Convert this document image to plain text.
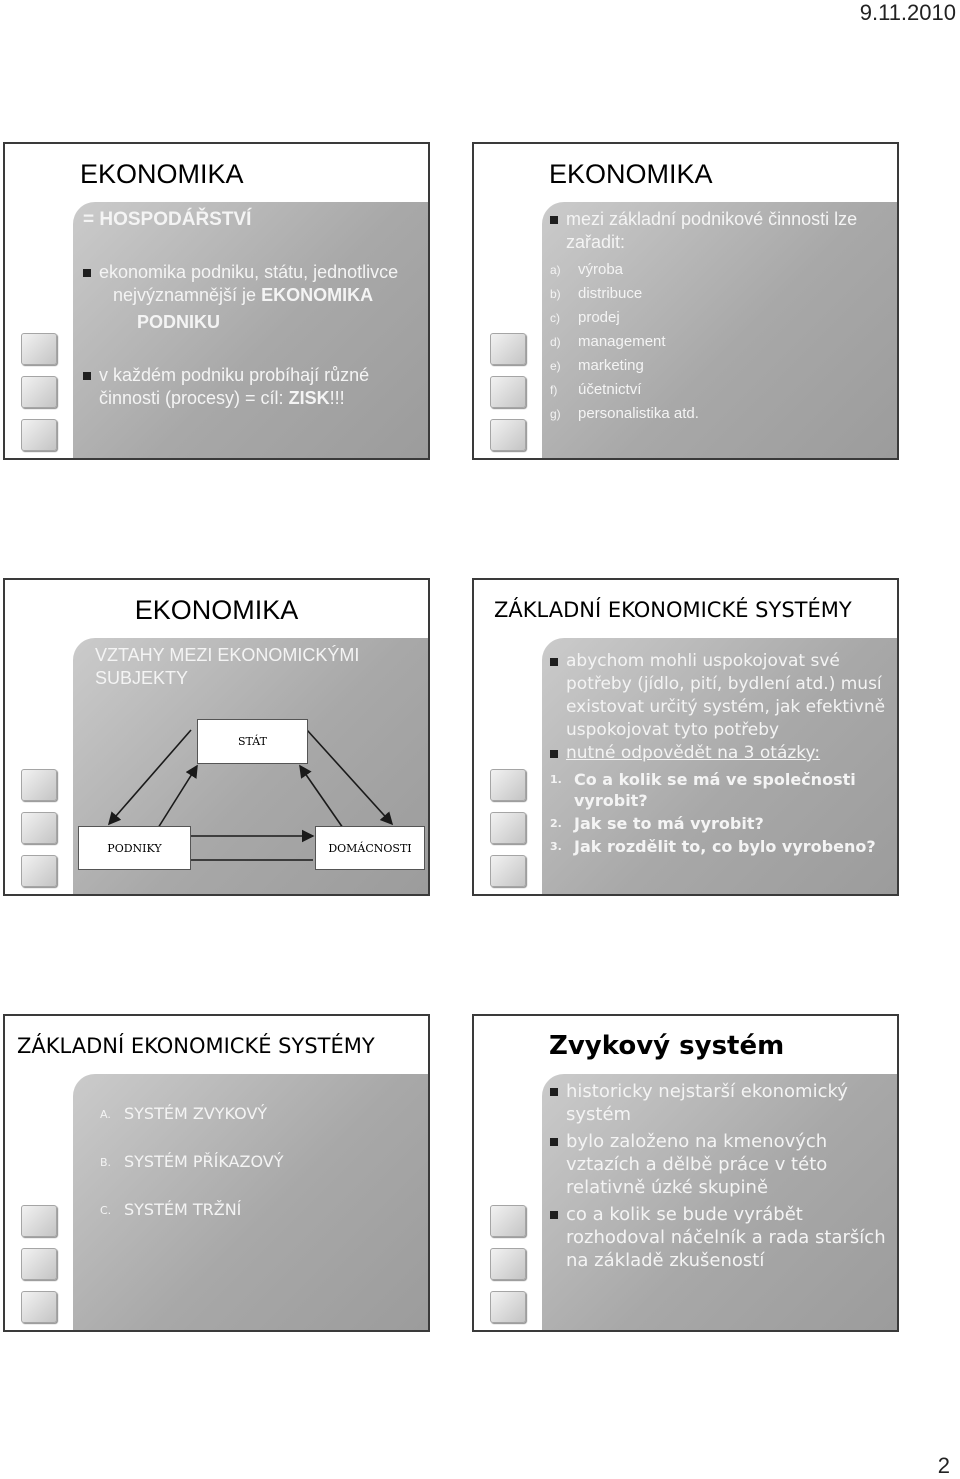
9.11.2010
EKONOMIKA
= HOSPODÁŘSTVÍ
ekonomika podniku, státu, jednotlivce
nejvýznamnější je EKONOMIKA
PODNIKU
v každém podniku probíhají různé činnosti (procesy) = cíl: ZISK!!!
EKONOMIKA
mezi základní podnikové činnosti lze zařadit:
a) výroba
b) distribuce
c) prodej
d) management
e) marketing
f) účetnictví
g) personalistika atd.
EKONOMIKA
VZTAHY MEZI EKONOMICKÝMI SUBJEKTY
STÁT
PODNIKY	DOMÁCNOSTI
ZÁKLADNÍ EKONOMICKÉ SYSTÉMY
abychom mohli uspokojovat své potřeby (jídlo, pití, bydlení atd.) musí existovat určitý systém, jak efektivně uspokojovat tyto potřeby
nutné odpovědět na 3 otázky:
1. Co a kolik se má ve společnosti vyrobit?
2. Jak se to má vyrobit?
3. Jak rozdělit to, co bylo vyrobeno?
ZÁKLADNÍ EKONOMICKÉ SYSTÉMY
A. SYSTÉM ZVYKOVÝ
B. SYSTÉM PŘÍKAZOVÝ
C. SYSTÉM TRŽNÍ
Zvykový systém
historicky nejstarší ekonomický systém
bylo založeno na kmenových vztazích a dělbě práce v této relativně úzké skupině
co a kolik se bude vyrábět rozhodoval náčelník a rada starších na základě zkušeností
2
